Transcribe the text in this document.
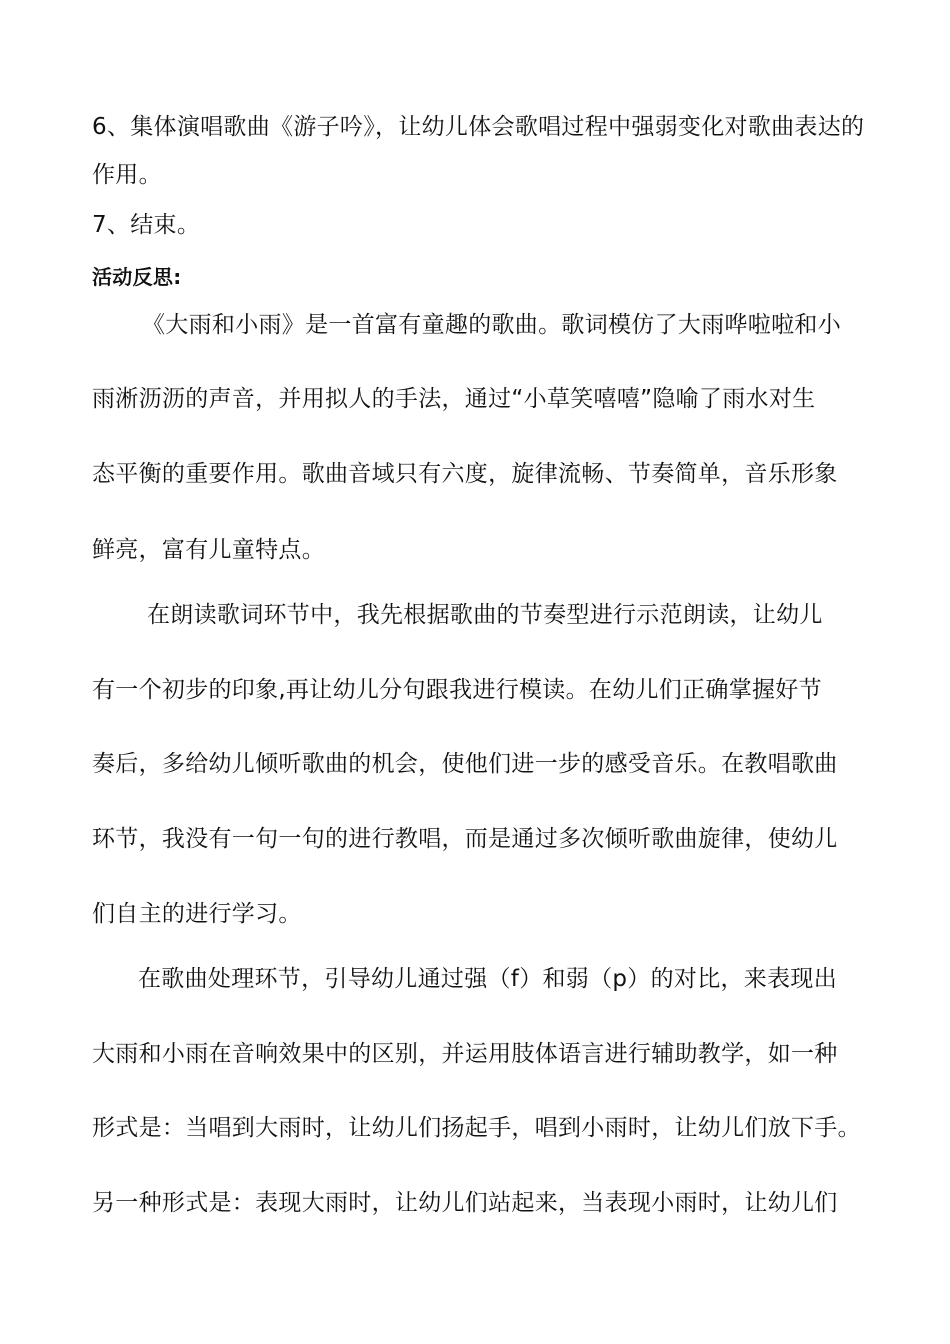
6、集体演唱歌曲《游子吟》，让幼儿体会歌唱过程中强弱变化对歌曲表达的
作用。
7、结束。
活动反思:
《大雨和小雨》是一首富有童趣的歌曲。歌词模仿了大雨哗啦啦和小
雨淅沥沥的声音，并用拟人的手法，通过“小草笑嘻嘻”隐喻了雨水对生
态平衡的重要作用。歌曲音域只有六度，旋律流畅、节奏简单，音乐形象
鲜亮，富有儿童特点。
在朗读歌词环节中，我先根据歌曲的节奏型进行示范朗读，让幼儿
有一个初步的印象,再让幼儿分句跟我进行模读。在幼儿们正确掌握好节
奏后，多给幼儿倾听歌曲的机会，使他们进一步的感受音乐。在教唱歌曲
环节，我没有一句一句的进行教唱，而是通过多次倾听歌曲旋律，使幼儿
们自主的进行学习。
在歌曲处理环节，引导幼儿通过强（f）和弱（p）的对比，来表现出
大雨和小雨在音响效果中的区别，并运用肢体语言进行辅助教学，如一种
形式是：当唱到大雨时，让幼儿们扬起手，唱到小雨时，让幼儿们放下手。
另一种形式是：表现大雨时，让幼儿们站起来，当表现小雨时，让幼儿们
